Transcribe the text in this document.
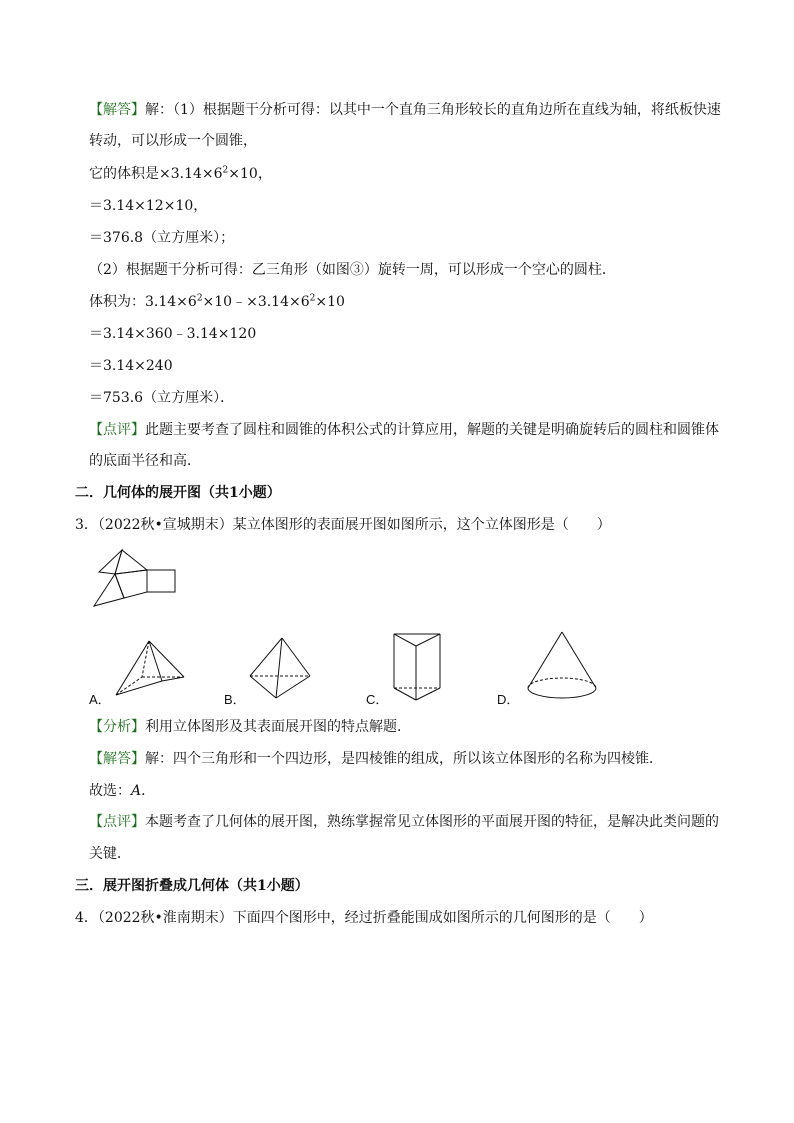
【解答】解：（1）根据题干分析可得：以其中一个直角三角形较长的直角边所在直线为轴，将纸板快速
转动，可以形成一个圆锥，
它的体积是$\times 3.14\times 6^2\times 10$，
＝3.14×12×10，
＝376.8（立方厘米）；
（2）根据题干分析可得：乙三角形（如图③）旋转一周，可以形成一个空心的圆柱．
体积为：$3.14\times 6^2\times 10﹣\times 3.14\times 6^2\times 10$
＝3.14×360﹣3.14×120
＝3.14×240
＝753.6（立方厘米）．
【点评】此题主要考查了圆柱和圆锥的体积公式的计算应用，解题的关键是明确旋转后的圆柱和圆锥体
的底面半径和高．
二．几何体的展开图（共1小题）
3．（2022秋•宣城期末）某立体图形的表面展开图如图所示，这个立体图形是（　　）
A．	B．	C．	D．
【分析】利用立体图形及其表面展开图的特点解题．
【解答】解：四个三角形和一个四边形，是四棱锥的组成，所以该立体图形的名称为四棱锥．
故选：A．
【点评】本题考查了几何体的展开图，熟练掌握常见立体图形的平面展开图的特征，是解决此类问题的
关键．
三．展开图折叠成几何体（共1小题）
4．（2022秋•淮南期末）下面四个图形中，经过折叠能围成如图所示的几何图形的是（　　）
